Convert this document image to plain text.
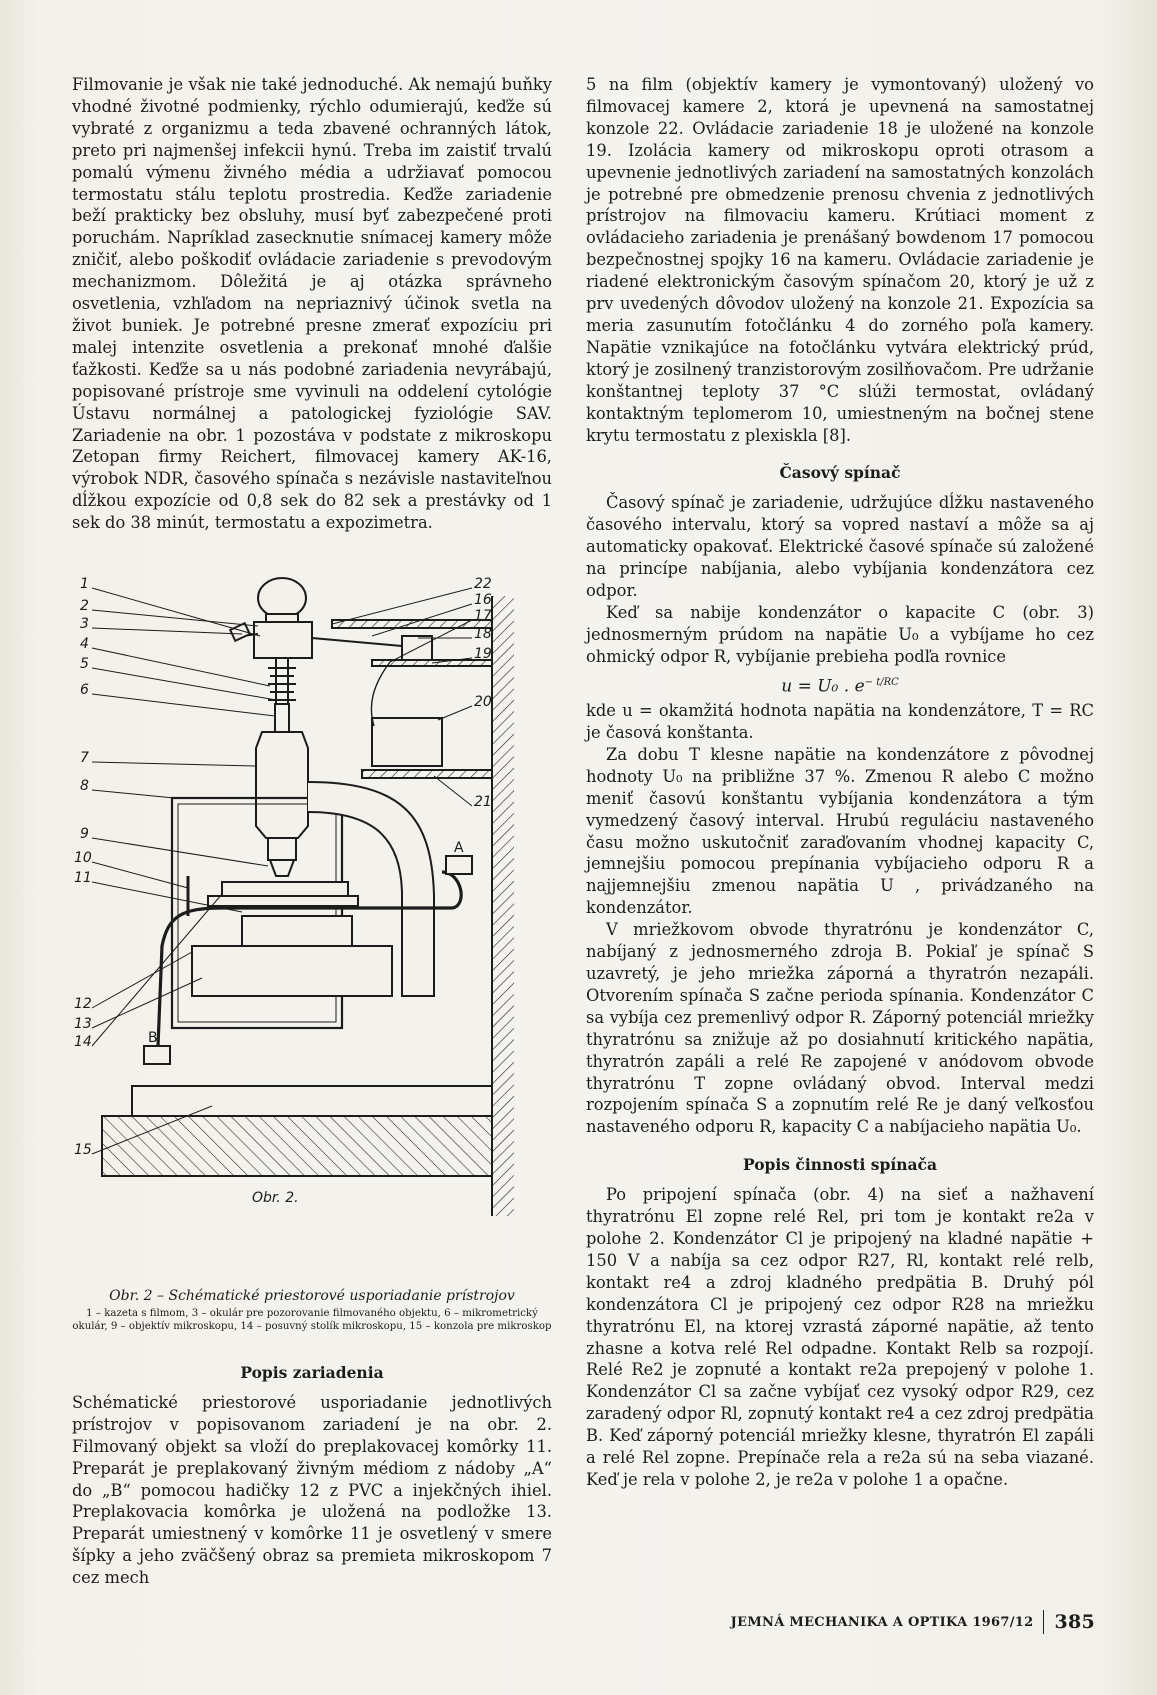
Filmovanie je však nie také jednoduché. Ak nemajú buňky vhodné životné podmienky, rýchlo odumierajú, keďže sú vybraté z organizmu a teda zbavené ochranných látok, preto pri najmenšej infekcii hynú. Treba im zaistiť trvalú pomalú výmenu živného média a udržiavať pomocou termostatu stálu teplotu prostredia. Keďže zariadenie beží prakticky bez obsluhy, musí byť zabezpečené proti poruchám. Napríklad zasecknutie snímacej kamery môže zničiť, alebo poškodiť ovládacie zariadenie s prevodovým mechanizmom. Dôležitá je aj otázka správneho osvetlenia, vzhľadom na nepriaznivý účinok svetla na život buniek. Je potrebné presne zmerať expozíciu pri malej intenzite osvetlenia a prekonať mnohé ďalšie ťažkosti. Keďže sa u nás podobné zariadenia nevyrábajú, popisované prístroje sme vyvinuli na oddelení cytológie Ústavu normálnej a patologickej fyziológie SAV. Zariadenie na obr. 1 pozostáva v podstate z mikroskopu Zetopan firmy Reichert, filmovacej kamery AK-16, výrobok NDR, časového spínača s nezávisle nastaviteľnou dĺžkou expozície od 0,8 sek do 82 sek a prestávky od 1 sek do 38 minút, termostatu a expozimetra.

1
2
3
4
5
6
7
8
9
10
11
12
13
14
15
22
16
17
18
19
20
21
A
B
Obr. 2.
Obr. 2 – Schématické priestorové usporiadanie prístrojov
1 – kazeta s filmom, 3 – okulár pre pozorovanie filmovaného objektu, 6 – mikrometrický okulár, 9 – objektív mikroskopu, 14 – posuvný stolík mikroskopu, 15 – konzola pre mikroskop
Popis zariadenia

Schématické priestorové usporiadanie jednotlivých prístrojov v popisovanom zariadení je na obr. 2. Filmovaný objekt sa vloží do preplakovacej komôrky 11. Preparát je preplakovaný živným médiom z nádoby „A“ do „B“ pomocou hadičky 12 z PVC a injekčných ihiel. Preplakovacia komôrka je uložená na podložke 13. Preparát umiestnený v komôrke 11 je osvetlený v smere šípky a jeho zväčšený obraz sa premieta mikroskopom 7 cez mech

5 na film (objektív kamery je vymontovaný) uložený vo filmovacej kamere 2, ktorá je upevnená na samostatnej konzole 22. Ovládacie zariadenie 18 je uložené na konzole 19. Izolácia kamery od mikroskopu oproti otrasom a upevnenie jednotlivých zariadení na samostatných konzolách je potrebné pre obmedzenie prenosu chvenia z jednotlivých prístrojov na filmovaciu kameru. Krútiaci moment z ovládacieho zariadenia je prenášaný bowdenom 17 pomocou bezpečnostnej spojky 16 na kameru. Ovládacie zariadenie je riadené elektronickým časovým spínačom 20, ktorý je už z prv uvedených dôvodov uložený na konzole 21. Expozícia sa meria zasunutím fotočlánku 4 do zorného poľa kamery. Napätie vznikajúce na fotočlánku vytvára elektrický prúd, ktorý je zosilnený tranzistorovým zosilňovačom. Pre udržanie konštantnej teploty 37 °C slúži termostat, ovládaný kontaktným teplomerom 10, umiestneným na bočnej stene krytu termostatu z plexiskla [8].

Časový spínač

Časový spínač je zariadenie, udržujúce dĺžku nastaveného časového intervalu, ktorý sa vopred nastaví a môže sa aj automaticky opakovať. Elektrické časové spínače sú založené na princípe nabíjania, alebo vybíjania kondenzátora cez odpor.

Keď sa nabije kondenzátor o kapacite C (obr. 3) jednosmerným prúdom na napätie U₀ a vybíjame ho cez ohmický odpor R, vybíjanie prebieha podľa rovnice

u = U₀ . $e^{- t/RC}$

kde u = okamžitá hodnota napätia na kondenzátore, T = RC je časová konštanta.

Za dobu T klesne napätie na kondenzátore z pôvodnej hodnoty U₀ na približne 37 %. Zmenou R alebo C možno meniť časovú konštantu vybíjania kondenzátora a tým vymedzený časový interval. Hrubú reguláciu nastaveného času možno uskutočniť zaraďovaním vhodnej kapacity C, jemnejšiu pomocou prepínania vybíjacieho odporu R a najjemnejšiu zmenou napätia U , privádzaného na kondenzátor.

V mriežkovom obvode thyratrónu je kondenzátor C, nabíjaný z jednosmerného zdroja B. Pokiaľ je spínač S uzavretý, je jeho mriežka záporná a thyratrón nezapáli. Otvorením spínača S začne perioda spínania. Kondenzátor C sa vybíja cez premenlivý odpor R. Záporný potenciál mriežky thyratrónu sa znižuje až po dosiahnutí kritického napätia, thyratrón zapáli a relé Re zapojené v anódovom obvode thyratrónu T zopne ovládaný obvod. Interval medzi rozpojením spínača S a zopnutím relé Re je daný veľkosťou nastaveného odporu R, kapacity C a nabíjacieho napätia U₀.

Popis činnosti spínača

Po pripojení spínača (obr. 4) na sieť a nažhavení thyratrónu El zopne relé Rel, pri tom je kontakt re2a v polohe 2. Kondenzátor Cl je pripojený na kladné napätie + 150 V a nabíja sa cez odpor R27, Rl, kontakt relé relb, kontakt re4 a zdroj kladného predpätia B. Druhý pól kondenzátora Cl je pripojený cez odpor R28 na mriežku thyratrónu El, na ktorej vzrastá záporné napätie, až tento zhasne a kotva relé Rel odpadne. Kontakt Relb sa rozpojí. Relé Re2 je zopnuté a kontakt re2a prepojený v polohe 1. Kondenzátor Cl sa začne vybíjať cez vysoký odpor R29, cez zaradený odpor Rl, zopnutý kontakt re4 a cez zdroj predpätia B. Keď záporný potenciál mriežky klesne, thyratrón El zapáli a relé Rel zopne. Prepínače rela a re2a sú na seba viazané. Keď je rela v polohe 2, je re2a v polohe 1 a opačne.

JEMNÁ MECHANIKA A OPTIKA 1967/12 385
